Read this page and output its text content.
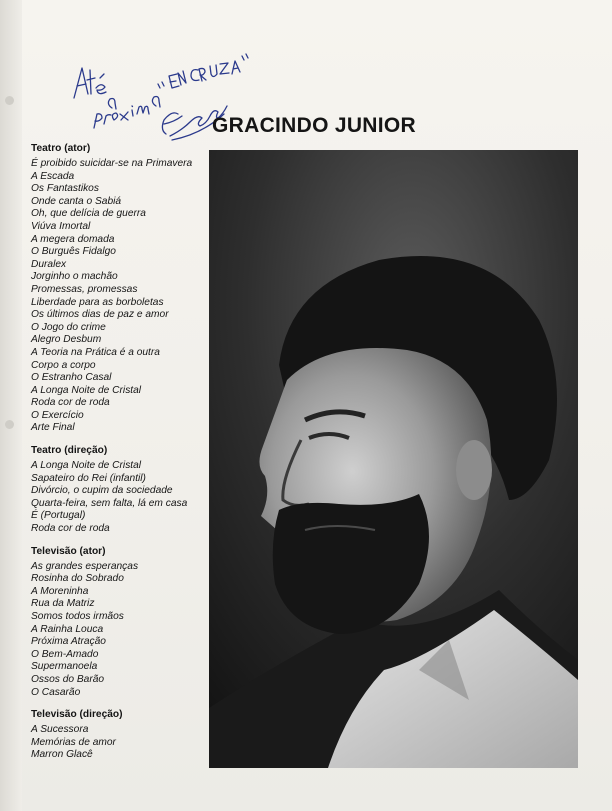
GRACINDO JUNIOR
Teatro (ator)
É proibido suicidar-se na Primavera
A Escada
Os Fantastikos
Onde canta o Sabiá
Oh, que delícia de guerra
Viúva Imortal
A megera domada
O Burguês Fidalgo
Duralex
Jorginho o machão
Promessas, promessas
Liberdade para as borboletas
Os últimos dias de paz e amor
O Jogo do crime
Alegro Desbum
A Teoria na Prática é a outra
Corpo a corpo
O Estranho Casal
A Longa Noite de Cristal
Roda cor de roda
O Exercício
Arte Final
Teatro (direção)
A Longa Noite de Cristal
Sapateiro do Rei (infantil)
Divórcio, o cupim da sociedade
Quarta-feira, sem falta, lá em casa
É (Portugal)
Roda cor de roda
Televisão (ator)
As grandes esperanças
Rosinha do Sobrado
A Moreninha
Rua da Matriz
Somos todos irmãos
A Rainha Louca
Próxima Atração
O Bem-Amado
Supermanoela
Ossos do Barão
O Casarão
Televisão (direção)
A Sucessora
Memórias de amor
Marron Glacê
